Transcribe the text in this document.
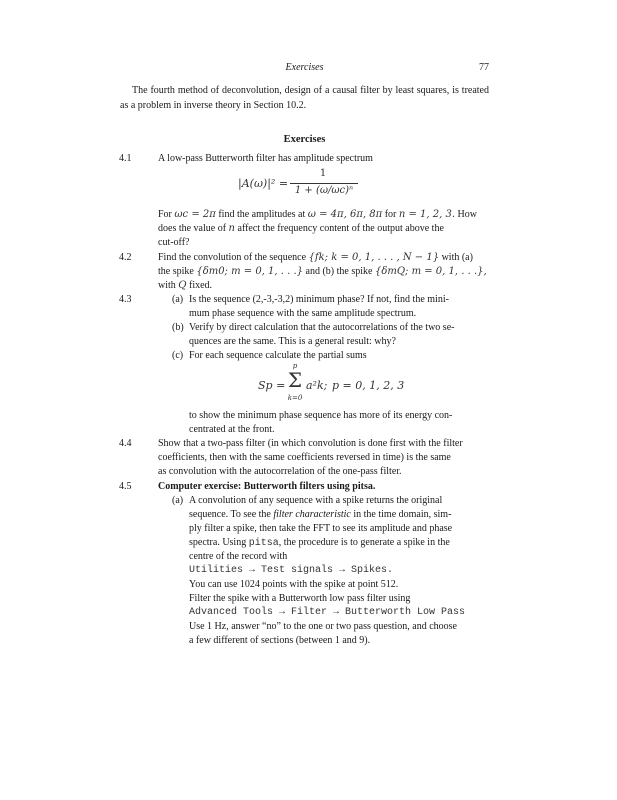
Exercises	77
The fourth method of deconvolution, design of a causal filter by least squares, is treated as a problem in inverse theory in Section 10.2.
Exercises
4.1	A low-pass Butterworth filter has amplitude spectrum
|A(ω)|² =
1
1 + (ω/ωc)ⁿ
For ωc = 2π find the amplitudes at ω = 4π, 6π, 8π for n = 1, 2, 3. How
does the value of n affect the frequency content of the output above the
cut-off?
4.2	Find the convolution of the sequence {fk; k = 0, 1, . . . , N − 1} with (a)
the spike {δm0; m = 0, 1, . . .} and (b) the spike {δmQ; m = 0, 1, . . .},
with Q fixed.
4.3	(a) Is the sequence (2,-3,-3,2) minimum phase? If not, find the mini-
mum phase sequence with the same amplitude spectrum.
(b) Verify by direct calculation that the autocorrelations of the two se-
quences are the same. This is a general result: why?
(c) For each sequence calculate the partial sums
Sp =
p
Σ
k=0
a²k; p = 0, 1, 2, 3
to show the minimum phase sequence has more of its energy con-
centrated at the front.
4.4	Show that a two-pass filter (in which convolution is done first with the filter
coefficients, then with the same coefficients reversed in time) is the same
as convolution with the autocorrelation of the one-pass filter.
4.5	Computer exercise: Butterworth filters using pitsa.
(a) A convolution of any sequence with a spike returns the original
sequence. To see the filter characteristic in the time domain, sim-
ply filter a spike, then take the FFT to see its amplitude and phase
spectra. Using pitsa, the procedure is to generate a spike in the
centre of the record with
Utilities → Test signals → Spikes.
You can use 1024 points with the spike at point 512.
Filter the spike with a Butterworth low pass filter using
Advanced Tools → Filter → Butterworth Low Pass
Use 1 Hz, answer “no” to the one or two pass question, and choose
a few different of sections (between 1 and 9).
